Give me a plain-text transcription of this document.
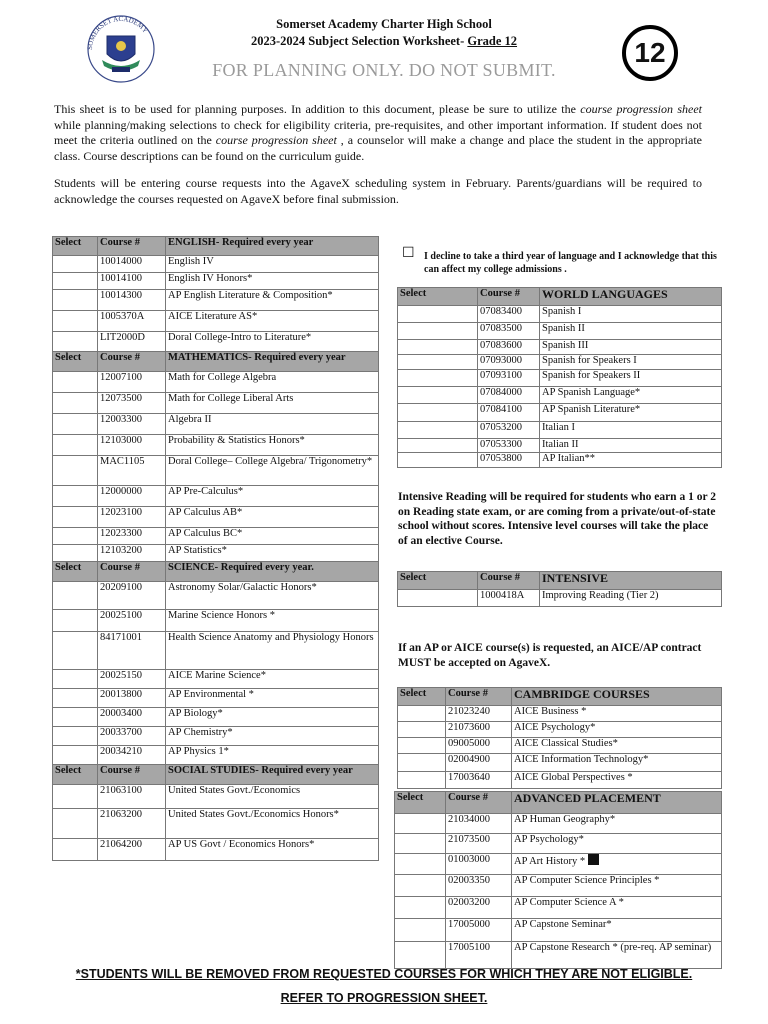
SOMERSET ACADEMY	Somerset Academy Charter High School
2023-2024 Subject Selection Worksheet- Grade 12
FOR PLANNING ONLY. DO NOT SUBMIT.
12
This sheet is to be used for planning purposes. In addition to this document, please be sure to utilize the course progression sheet while planning/making selections to check for eligibility criteria, pre-requisites, and other important information. If student does not meet the criteria outlined on the course progression sheet , a counselor will make a change and place the student in the appropriate class. Course descriptions can be found on the curriculum guide.
Students will be entering course requests into the AgaveX scheduling system in February. Parents/guardians will be required to acknowledge the courses requested on AgaveX before final submission.
Select	Course #	ENGLISH- Required every year
	10014000	English IV
	10014100	English IV Honors*
	10014300	AP English Literature & Composition*
	1005370A	AICE Literature AS*
	LIT2000D	Doral College-Intro to Literature*
Select	Course #	MATHEMATICS- Required every year
	12007100	Math for College Algebra
	12073500	Math for College Liberal Arts
	12003300	Algebra II
	12103000	Probability & Statistics Honors*
	MAC1105	Doral College– College Algebra/ Trigonometry*
	12000000	AP Pre-Calculus*
	12023100	AP Calculus AB*
	12023300	AP Calculus BC*
	12103200	AP Statistics*
Select	Course #	SCIENCE- Required every year.
	20209100	Astronomy Solar/Galactic Honors*
	20025100	Marine Science Honors *
	84171001	Health Science Anatomy and Physiology Honors
	20025150	AICE Marine Science*
	20013800	AP Environmental *
	20003400	AP Biology*
	20033700	AP Chemistry*
	20034210	AP Physics 1*
Select	Course #	SOCIAL STUDIES- Required every year
	21063100	United States Govt./Economics
	21063200	United States Govt./Economics Honors*
	21064200	AP US Govt / Economics Honors*
☐ I decline to take a third year of language and I acknowledge that this can affect my college admissions .
Select	Course #	WORLD LANGUAGES
	07083400	Spanish I
	07083500	Spanish II
	07083600	Spanish III
	07093000	Spanish for Speakers I
	07093100	Spanish for Speakers II
	07084000	AP Spanish Language*
	07084100	AP Spanish Literature*
	07053200	Italian I
	07053300	Italian II
	07053800	AP Italian**
Intensive Reading will be required for students who earn a 1 or 2 on Reading state exam, or are coming from a private/out-of-state school without scores. Intensive level courses will take the place of an elective Course.
Select	Course #	INTENSIVE
	1000418A	Improving Reading (Tier 2)
If an AP or AICE course(s) is requested, an AICE/AP contract MUST be accepted on AgaveX.
Select	Course #	CAMBRIDGE COURSES
	21023240	AICE Business *
	21073600	AICE Psychology*
	09005000	AICE Classical Studies*
	02004900	AICE Information Technology*
	17003640	AICE Global Perspectives *
Select	Course #	ADVANCED PLACEMENT
	21034000	AP Human Geography*
	21073500	AP Psychology*
	01003000	AP Art History *
	02003350	AP Computer Science Principles *
	02003200	AP Computer Science A *
	17005000	AP Capstone Seminar*
	17005100	AP Capstone Research * (pre-req. AP seminar)
*STUDENTS WILL BE REMOVED FROM REQUESTED COURSES FOR WHICH THEY ARE NOT ELIGIBLE.
REFER TO PROGRESSION SHEET.
